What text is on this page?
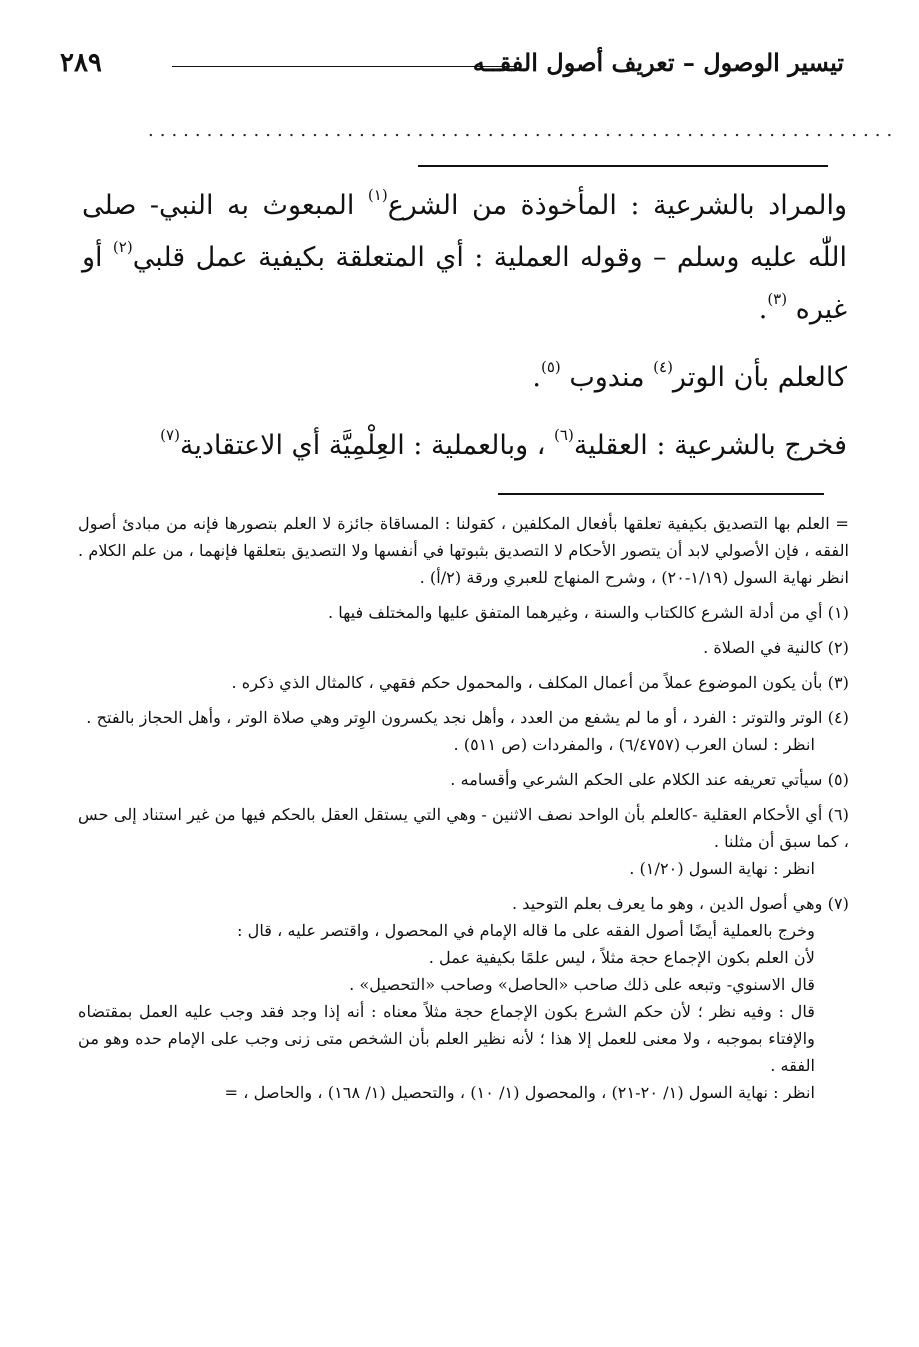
تيسير الوصول – تعريف أصول الفقــه
٢٨٩
................................................................

والمراد بالشرعية : المأخوذة من الشرع$^{(١)}$ المبعوث به النبي- صلى اللّٰه عليه وسلم – وقوله العملية : أي المتعلقة بكيفية عمل قلبي$^{(٢)}$ أو غيره $^{(٣)}$.

كالعلم بأن الوتر$^{(٤)}$ مندوب $^{(٥)}$.

فخرج بالشرعية : العقلية$^{(٦)}$ ، وبالعملية : العِلْمِيَّة أي الاعتقادية$^{(٧)}$

= العلم بها التصديق بكيفية تعلقها بأفعال المكلفين ، كقولنا : المساقاة جائزة لا العلم بتصورها فإنه من مبادئ أصول الفقه ، فإن الأصولي لابد أن يتصور الأحكام لا التصديق بثبوتها في أنفسها ولا التصديق بتعلقها فإنهما ، من علم الكلام . انظر نهاية السول (١/١٩-٢٠) ، وشرح المنهاج للعبري ورقة (٢/أ) .

(١) أي من أدلة الشرع كالكتاب والسنة ، وغيرهما المتفق عليها والمختلف فيها .

(٢) كالنية في الصلاة .

(٣) بأن يكون الموضوع عملاً من أعمال المكلف ، والمحمول حكم فقهي ، كالمثال الذي ذكره .

(٤) الوتر والتوتر : الفرد ، أو ما لم يشفع من العدد ، وأهل نجد يكسرون الوِتر وهي صلاة الوتر ، وأهل الحجاز بالفتح .

انظر : لسان العرب (٦/٤٧٥٧) ، والمفردات (ص ٥١١) .

(٥) سيأتي تعريفه عند الكلام على الحكم الشرعي وأقسامه .

(٦) أي الأحكام العقلية -كالعلم بأن الواحد نصف الاثنين - وهي التي يستقل العقل بالحكم فيها من غير استناد إلى حس ، كما سبق أن مثلنا .

انظر : نهاية السول (١/٢٠) .

(٧) وهي أصول الدين ، وهو ما يعرف بعلم التوحيد .

وخرج بالعملية أيضًا أصول الفقه على ما قاله الإمام في المحصول ، واقتصر عليه ، قال :

لأن العلم بكون الإجماع حجة مثلاً ، ليس علمًا بكيفية عمل .

قال الاسنوي- وتبعه على ذلك صاحب «الحاصل» وصاحب «التحصيل» .

قال : وفيه نظر ؛ لأن حكم الشرع بكون الإجماع حجة مثلاً معناه : أنه إذا وجد فقد وجب عليه العمل بمقتضاه والإفتاء بموجبه ، ولا معنى للعمل إلا هذا ؛ لأنه نظير العلم بأن الشخص متى زنى وجب على الإمام حده وهو من الفقه .

انظر : نهاية السول (١/ ٢٠-٢١) ، والمحصول (١/ ١٠) ، والتحصيل (١/ ١٦٨) ، والحاصل ، =
